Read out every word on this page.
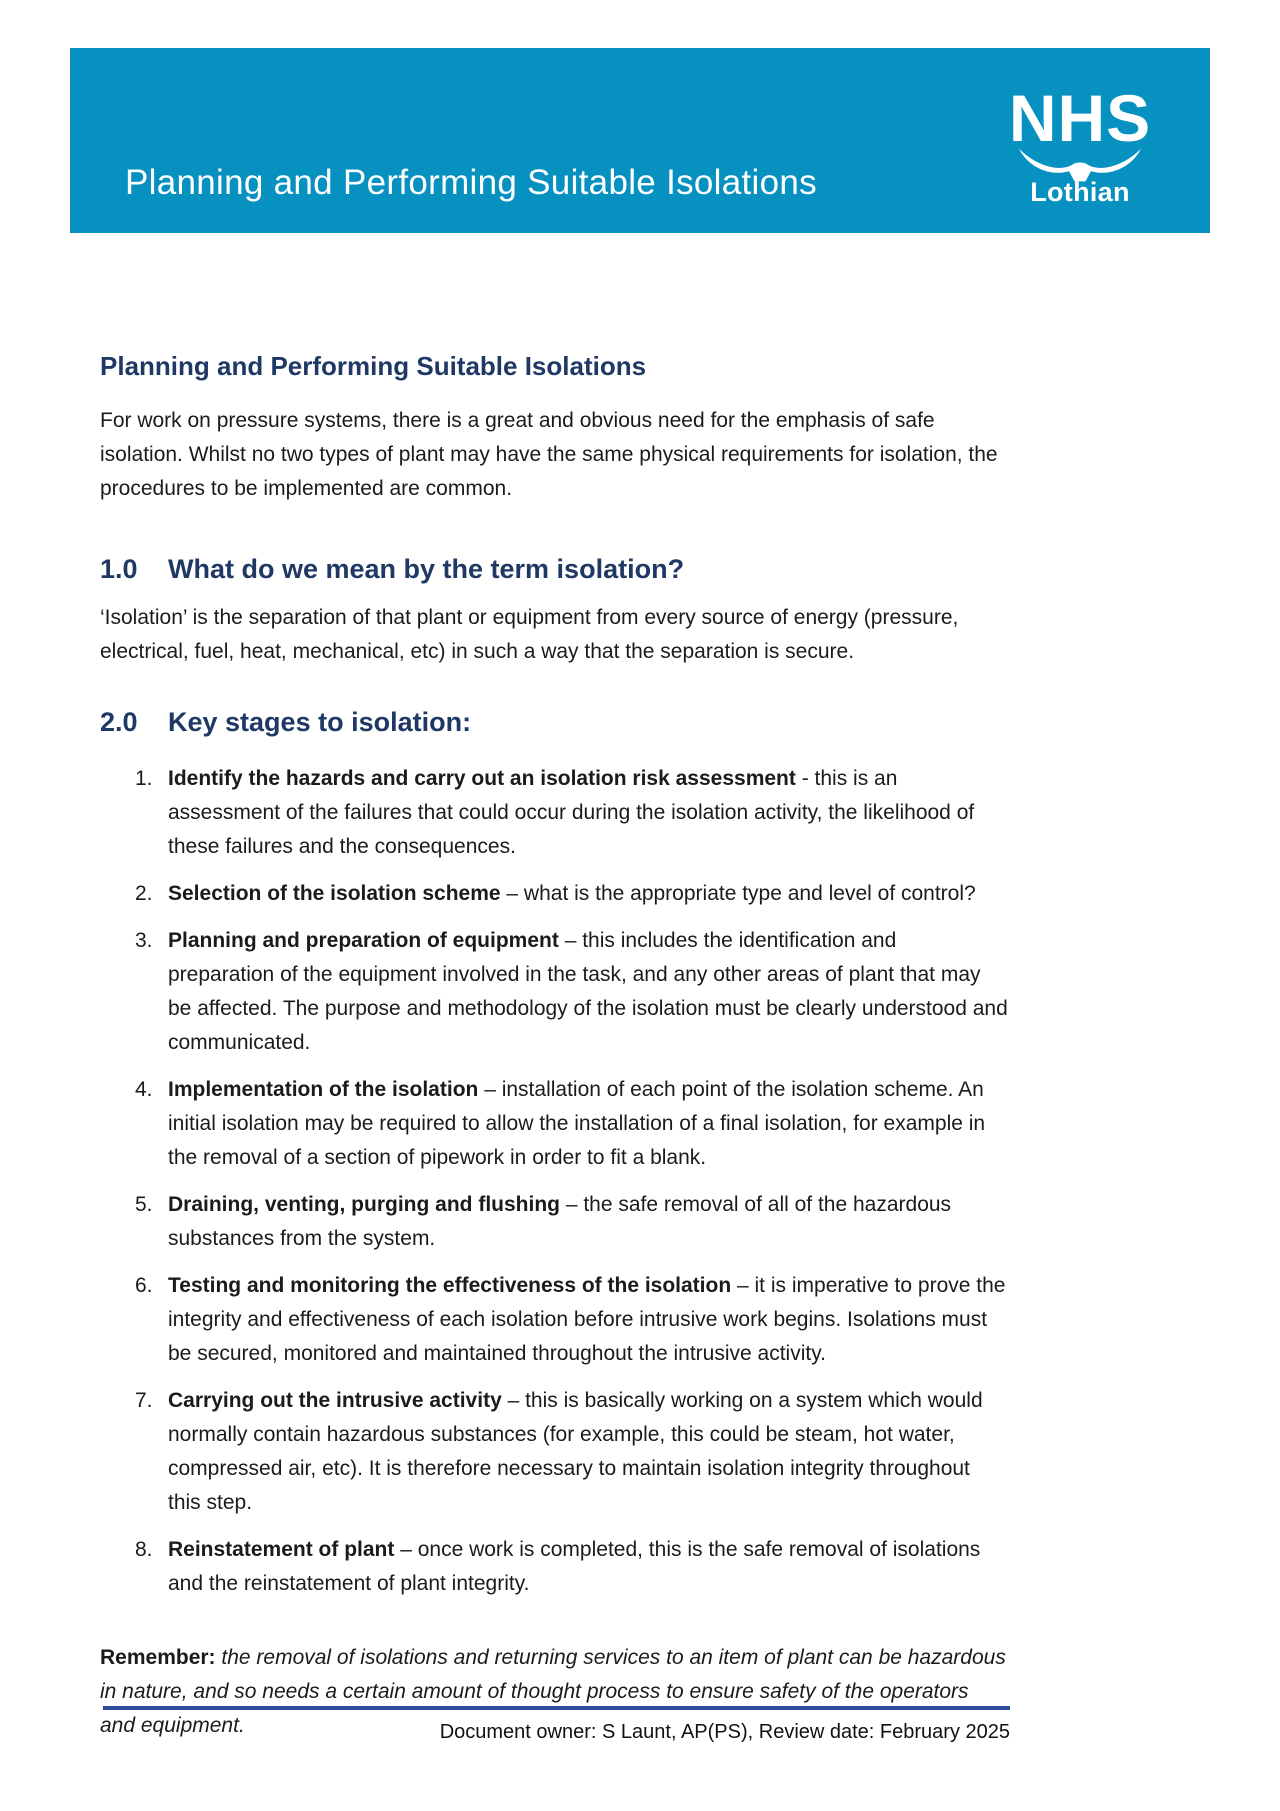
Planning and Performing Suitable Isolations
NHS
Lothian
Planning and Performing Suitable Isolations

For work on pressure systems, there is a great and obvious need for the emphasis of safe isolation. Whilst no two types of plant may have the same physical requirements for isolation, the procedures to be implemented are common.

1.0	What do we mean by the term isolation?

‘Isolation’ is the separation of that plant or equipment from every source of energy (pressure, electrical, fuel, heat, mechanical, etc) in such a way that the separation is secure.

2.0	Key stages to isolation:
1. Identify the hazards and carry out an isolation risk assessment - this is an assessment of the failures that could occur during the isolation activity, the likelihood of these failures and the consequences.
2. Selection of the isolation scheme – what is the appropriate type and level of control?
3. Planning and preparation of equipment – this includes the identification and preparation of the equipment involved in the task, and any other areas of plant that may be affected. The purpose and methodology of the isolation must be clearly understood and communicated.
4. Implementation of the isolation – installation of each point of the isolation scheme. An initial isolation may be required to allow the installation of a final isolation, for example in the removal of a section of pipework in order to fit a blank.
5. Draining, venting, purging and flushing – the safe removal of all of the hazardous substances from the system.
6. Testing and monitoring the effectiveness of the isolation – it is imperative to prove the integrity and effectiveness of each isolation before intrusive work begins. Isolations must be secured, monitored and maintained throughout the intrusive activity.
7. Carrying out the intrusive activity – this is basically working on a system which would normally contain hazardous substances (for example, this could be steam, hot water, compressed air, etc). It is therefore necessary to maintain isolation integrity throughout this step.
8. Reinstatement of plant – once work is completed, this is the safe removal of isolations and the reinstatement of plant integrity.

Remember: the removal of isolations and returning services to an item of plant can be hazardous in nature, and so needs a certain amount of thought process to ensure safety of the operators and equipment.	Document owner: S Launt, AP(PS), Review date: February 2025
